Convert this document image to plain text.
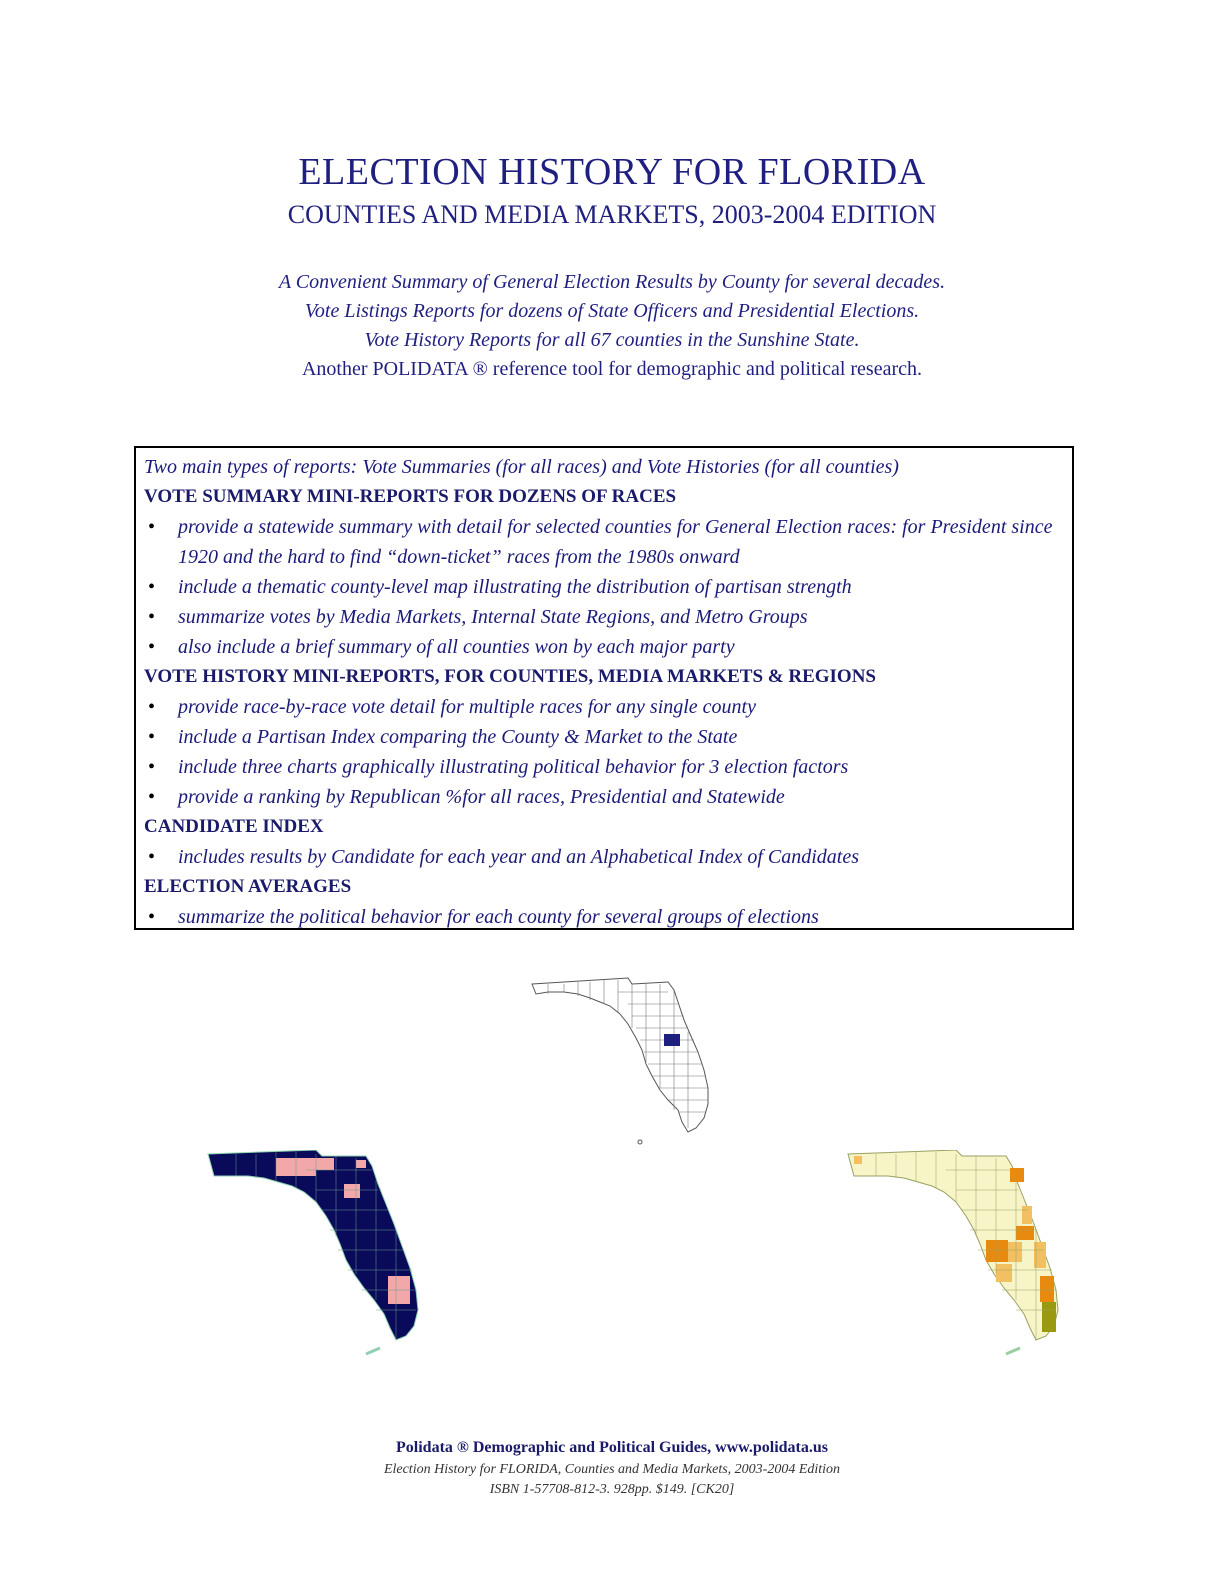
ELECTION HISTORY FOR FLORIDA
COUNTIES AND MEDIA MARKETS, 2003-2004 EDITION
A Convenient Summary of General Election Results by County for several decades.
Vote Listings Reports for dozens of State Officers and Presidential Elections.
Vote History Reports for all 67 counties in the Sunshine State.
Another POLIDATA ® reference tool for demographic and political research.
Two main types of reports: Vote Summaries (for all races) and Vote Histories (for all counties)
VOTE SUMMARY MINI-REPORTS FOR DOZENS OF RACES
• provide a statewide summary with detail for selected counties for General Election races: for President since 1920 and the hard to find “down-ticket” races from the 1980s onward
• include a thematic county-level map illustrating the distribution of partisan strength
• summarize votes by Media Markets, Internal State Regions, and Metro Groups
• also include a brief summary of all counties won by each major party
VOTE HISTORY MINI-REPORTS, FOR COUNTIES, MEDIA MARKETS & REGIONS
• provide race-by-race vote detail for multiple races for any single county
• include a Partisan Index comparing the County & Market to the State
• include three charts graphically illustrating political behavior for 3 election factors
• provide a ranking by Republican %for all races, Presidential and Statewide
CANDIDATE INDEX
• includes results by Candidate for each year and an Alphabetical Index of Candidates
ELECTION AVERAGES
• summarize the political behavior for each county for several groups of elections
Polidata ® Demographic and Political Guides, www.polidata.us
Election History for FLORIDA, Counties and Media Markets, 2003-2004 Edition
ISBN 1-57708-812-3. 928pp. $149. [CK20]
